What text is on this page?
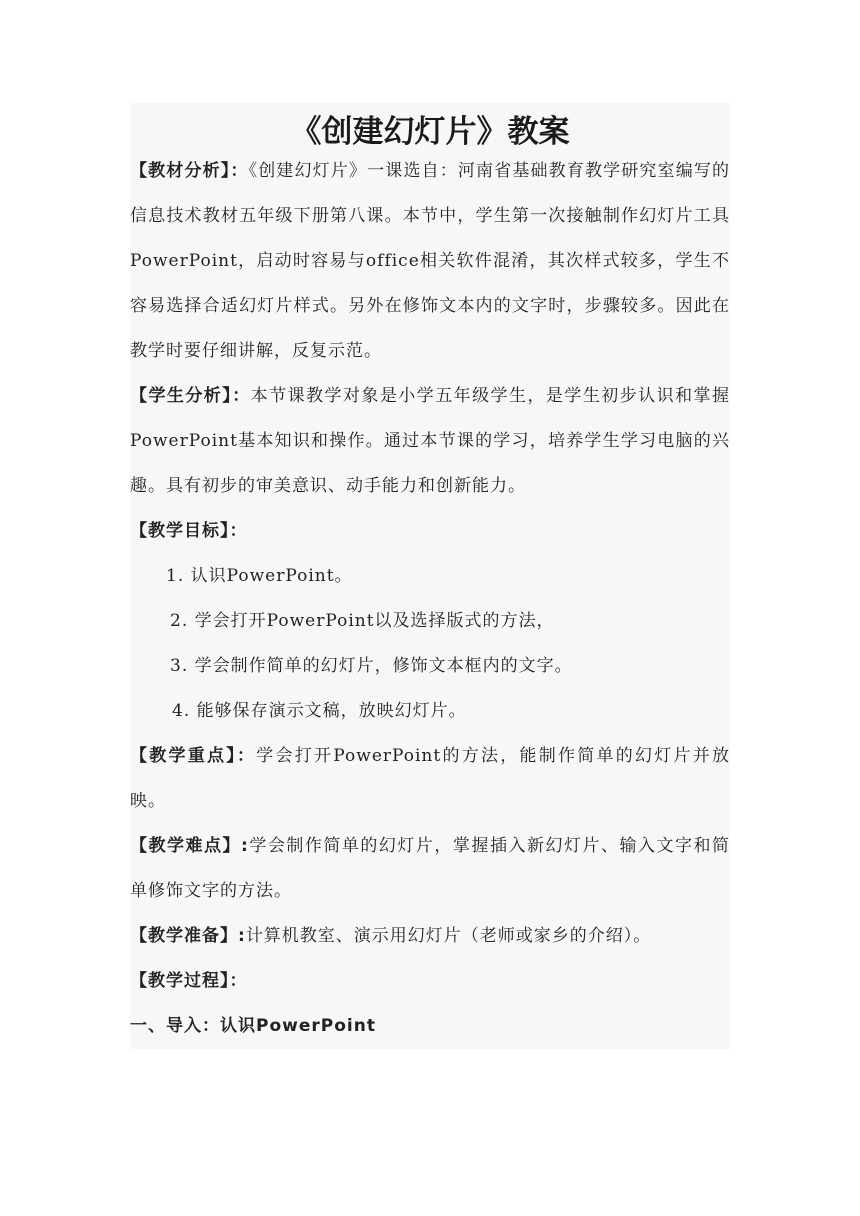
《创建幻灯片》教案

【教材分析】：《创建幻灯片》一课选自：河南省基础教育教学研究室编写的信息技术教材五年级下册第八课。本节中，学生第一次接触制作幻灯片工具PowerPoint，启动时容易与office相关软件混淆，其次样式较多，学生不容易选择合适幻灯片样式。另外在修饰文本内的文字时，步骤较多。因此在教学时要仔细讲解，反复示范。

【学生分析】：本节课教学对象是小学五年级学生，是学生初步认识和掌握PowerPoint基本知识和操作。通过本节课的学习，培养学生学习电脑的兴趣。具有初步的审美意识、动手能力和创新能力。

【教学目标】：

1. 认识PowerPoint。

2. 学会打开PowerPoint以及选择版式的方法，

3. 学会制作简单的幻灯片，修饰文本框内的文字。

4. 能够保存演示文稿，放映幻灯片。

【教学重点】：学会打开PowerPoint的方法，能制作简单的幻灯片并放映。

【教学难点】:学会制作简单的幻灯片，掌握插入新幻灯片、输入文字和简单修饰文字的方法。

【教学准备】:计算机教室、演示用幻灯片（老师或家乡的介绍）。

【教学过程】：

一、导入：认识PowerPoint
